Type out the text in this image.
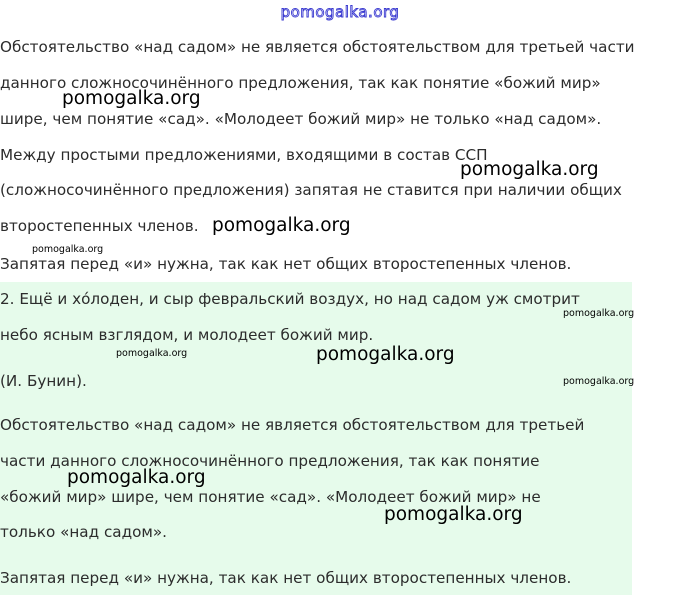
pomogalka.org
Обстоятельство «над садом» не является обстоятельством для третьей части
данного сложносочинённого предложения, так как понятие «божий мир»
шире, чем понятие «сад». «Молодеет божий мир» не только «над садом».
Между простыми предложениями, входящими в состав ССП
(сложносочинённого предложения) запятая не ставится при наличии общих
второстепенных членов.
Запятая перед «и» нужна, так как нет общих второстепенных членов.
2. Ещё и хо́лоден, и сыр февральский воздух, но над садом уж смотрит
небо ясным взглядом, и молодеет божий мир.
(И. Бунин).
Обстоятельство «над садом» не является обстоятельством для третьей
части данного сложносочинённого предложения, так как понятие
«божий мир» шире, чем понятие «сад». «Молодеет божий мир» не
только «над садом».
Запятая перед «и» нужна, так как нет общих второстепенных членов.
pomogalka.org
pomogalka.org
pomogalka.org
pomogalka.org
pomogalka.org
pomogalka.org	pomogalka.org
pomogalka.org
pomogalka.org
pomogalka.org
